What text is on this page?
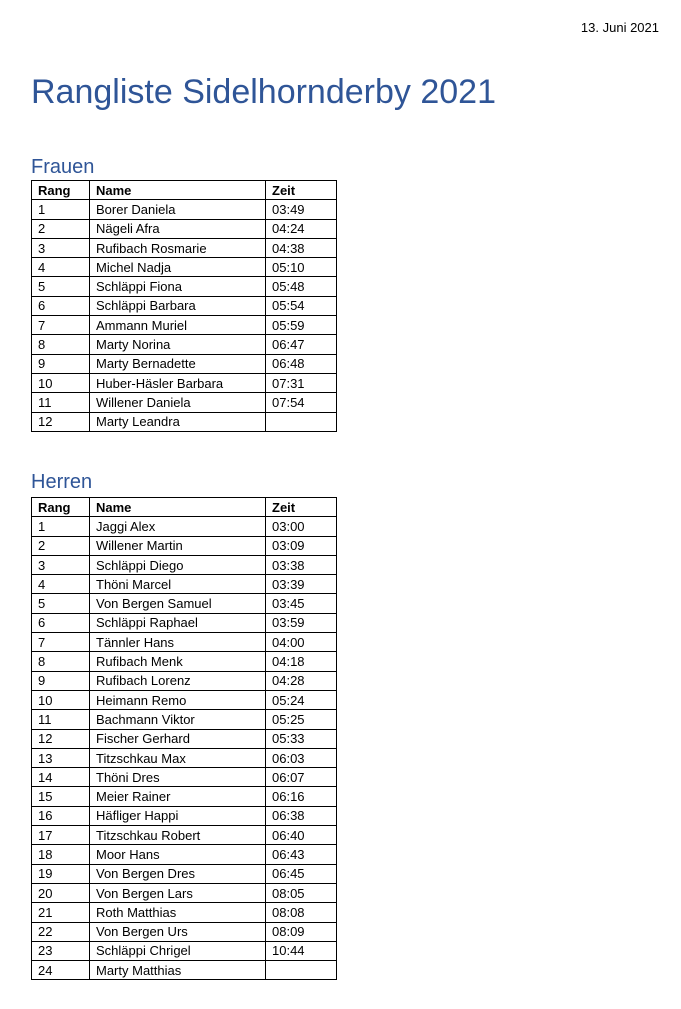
13. Juni 2021
Rangliste Sidelhornderby 2021
Frauen
Rang	Name	Zeit
1	Borer Daniela	03:49
2	Nägeli Afra	04:24
3	Rufibach Rosmarie	04:38
4	Michel Nadja	05:10
5	Schläppi Fiona	05:48
6	Schläppi Barbara	05:54
7	Ammann Muriel	05:59
8	Marty Norina	06:47
9	Marty Bernadette	06:48
10	Huber-Häsler Barbara	07:31
11	Willener Daniela	07:54
12	Marty Leandra	
Herren
Rang	Name	Zeit
1	Jaggi Alex	03:00
2	Willener Martin	03:09
3	Schläppi Diego	03:38
4	Thöni Marcel	03:39
5	Von Bergen Samuel	03:45
6	Schläppi Raphael	03:59
7	Tännler Hans	04:00
8	Rufibach Menk	04:18
9	Rufibach Lorenz	04:28
10	Heimann Remo	05:24
11	Bachmann Viktor	05:25
12	Fischer Gerhard	05:33
13	Titzschkau Max	06:03
14	Thöni Dres	06:07
15	Meier Rainer	06:16
16	Häfliger Happi	06:38
17	Titzschkau Robert	06:40
18	Moor Hans	06:43
19	Von Bergen Dres	06:45
20	Von Bergen Lars	08:05
21	Roth Matthias	08:08
22	Von Bergen Urs	08:09
23	Schläppi Chrigel	10:44
24	Marty Matthias	
